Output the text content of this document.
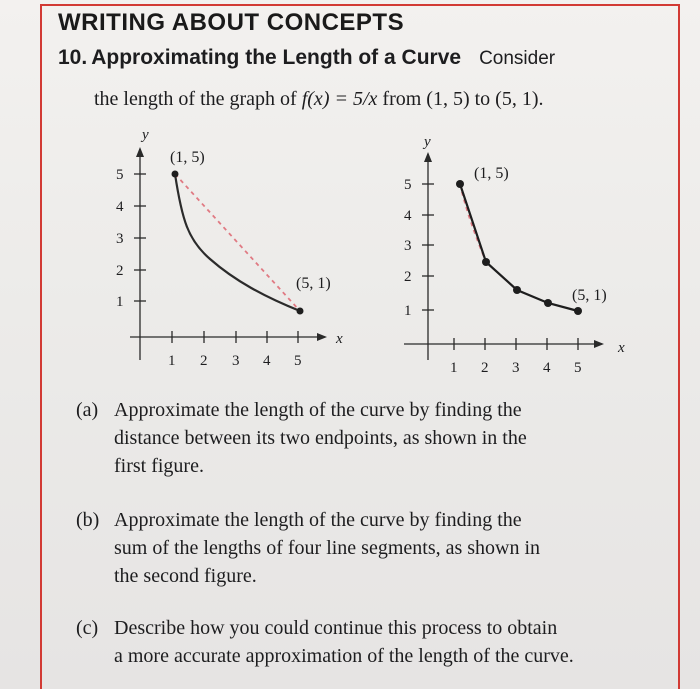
WRITING ABOUT CONCEPTS
10. Approximating the Length of a Curve Consider
the length of the graph of f(x) = 5/x from (1, 5) to (5, 1).
y
x
1
2
3
4
5
1 2 3 4 5
(1, 5)
(5, 1)
y
x
1
2
3
4
5
1 2 3 4 5
(1, 5)
(5, 1)
(a) Approximate the length of the curve by finding the
distance between its two endpoints, as shown in the
first figure.
(b) Approximate the length of the curve by finding the
sum of the lengths of four line segments, as shown in
the second figure.
(c) Describe how you could continue this process to obtain
a more accurate approximation of the length of the curve.
